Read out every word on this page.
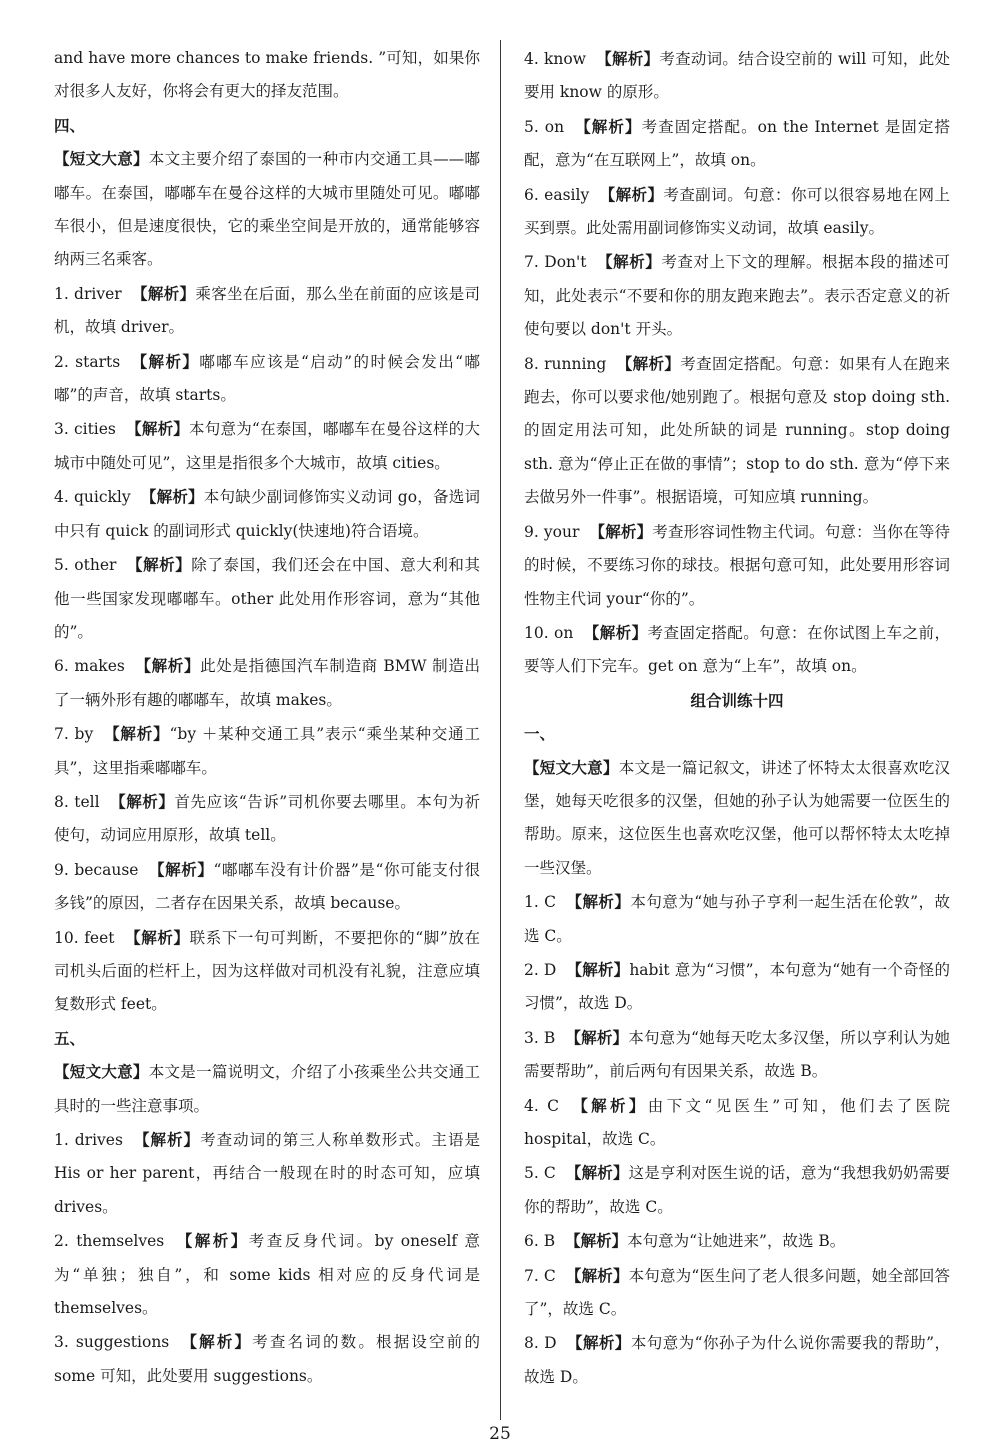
and have more chances to make friends. ”可知，如果你对很多人友好，你将会有更大的择友范围。

四、

【短文大意】本文主要介绍了泰国的一种市内交通工具——嘟嘟车。在泰国，嘟嘟车在曼谷这样的大城市里随处可见。嘟嘟车很小，但是速度很快，它的乘坐空间是开放的，通常能够容纳两三名乘客。

1. driver 【解析】乘客坐在后面，那么坐在前面的应该是司机，故填 driver。

2. starts 【解析】嘟嘟车应该是“启动”的时候会发出“嘟嘟”的声音，故填 starts。

3. cities 【解析】本句意为“在泰国，嘟嘟车在曼谷这样的大城市中随处可见”，这里是指很多个大城市，故填 cities。

4. quickly 【解析】本句缺少副词修饰实义动词 go，备选词中只有 quick 的副词形式 quickly(快速地)符合语境。

5. other 【解析】除了泰国，我们还会在中国、意大利和其他一些国家发现嘟嘟车。other 此处用作形容词，意为“其他的”。

6. makes 【解析】此处是指德国汽车制造商 BMW 制造出了一辆外形有趣的嘟嘟车，故填 makes。

7. by 【解析】“by ＋某种交通工具”表示“乘坐某种交通工具”，这里指乘嘟嘟车。

8. tell 【解析】首先应该“告诉”司机你要去哪里。本句为祈使句，动词应用原形，故填 tell。

9. because 【解析】“嘟嘟车没有计价器”是“你可能支付很多钱”的原因，二者存在因果关系，故填 because。

10. feet 【解析】联系下一句可判断，不要把你的“脚”放在司机头后面的栏杆上，因为这样做对司机没有礼貌，注意应填复数形式 feet。

五、

【短文大意】本文是一篇说明文，介绍了小孩乘坐公共交通工具时的一些注意事项。

1. drives 【解析】考查动词的第三人称单数形式。主语是 His or her parent，再结合一般现在时的时态可知，应填 drives。

2. themselves 【解析】考查反身代词。by oneself 意为“单独；独自”，和 some kids 相对应的反身代词是 themselves。

3. suggestions 【解析】考查名词的数。根据设空前的 some 可知，此处要用 suggestions。

4. know 【解析】考查动词。结合设空前的 will 可知，此处要用 know 的原形。

5. on 【解析】考查固定搭配。on the Internet 是固定搭配，意为“在互联网上”，故填 on。

6. easily 【解析】考查副词。句意：你可以很容易地在网上买到票。此处需用副词修饰实义动词，故填 easily。

7. Don't 【解析】考查对上下文的理解。根据本段的描述可知，此处表示“不要和你的朋友跑来跑去”。表示否定意义的祈使句要以 don't 开头。

8. running 【解析】考查固定搭配。句意：如果有人在跑来跑去，你可以要求他/她别跑了。根据句意及 stop doing sth. 的固定用法可知，此处所缺的词是 running。stop doing sth. 意为“停止正在做的事情”；stop to do sth. 意为“停下来去做另外一件事”。根据语境，可知应填 running。

9. your 【解析】考查形容词性物主代词。句意：当你在等待的时候，不要练习你的球技。根据句意可知，此处要用形容词性物主代词 your“你的”。

10. on 【解析】考查固定搭配。句意：在你试图上车之前，要等人们下完车。get on 意为“上车”，故填 on。

组合训练十四

一、

【短文大意】本文是一篇记叙文，讲述了怀特太太很喜欢吃汉堡，她每天吃很多的汉堡，但她的孙子认为她需要一位医生的帮助。原来，这位医生也喜欢吃汉堡，他可以帮怀特太太吃掉一些汉堡。

1. C 【解析】本句意为“她与孙子亨利一起生活在伦敦”，故选 C。

2. D 【解析】habit 意为“习惯”，本句意为“她有一个奇怪的习惯”，故选 D。

3. B 【解析】本句意为“她每天吃太多汉堡，所以亨利认为她需要帮助”，前后两句有因果关系，故选 B。

4. C 【解析】由下文“见医生”可知，他们去了医院 hospital，故选 C。

5. C 【解析】这是亨利对医生说的话，意为“我想我奶奶需要你的帮助”，故选 C。

6. B 【解析】本句意为“让她进来”，故选 B。

7. C 【解析】本句意为“医生问了老人很多问题，她全部回答了”，故选 C。

8. D 【解析】本句意为“你孙子为什么说你需要我的帮助”，故选 D。

25
